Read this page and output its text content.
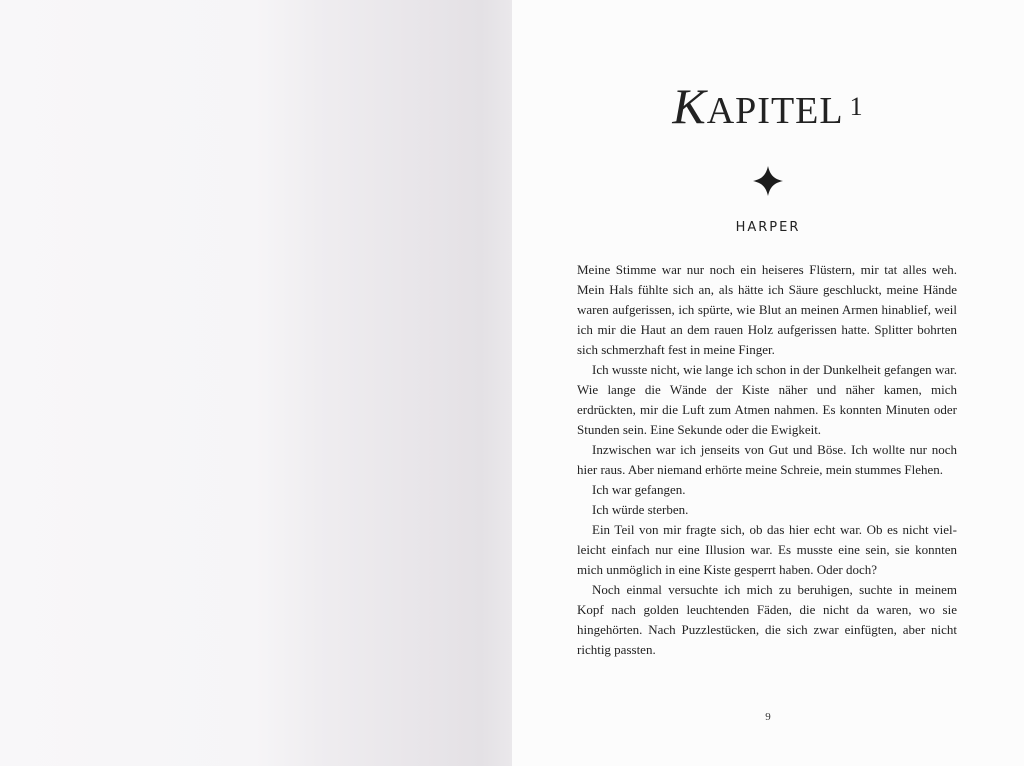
KAPITEL $^1$
HARPER

Meine Stimme war nur noch ein heiseres Flüstern, mir tat alles weh. Mein Hals fühlte sich an, als hätte ich Säure geschluckt, meine Hände waren aufgerissen, ich spürte, wie Blut an meinen Armen hinablief, weil ich mir die Haut an dem rauen Holz aufgerissen hatte. Splitter bohrten sich schmerzhaft fest in meine Finger.

Ich wusste nicht, wie lange ich schon in der Dunkelheit gefangen war. Wie lange die Wände der Kiste näher und näher kamen, mich erdrückten, mir die Luft zum Atmen nahmen. Es konnten Minuten oder Stunden sein. Eine Sekunde oder die Ewigkeit.

Inzwischen war ich jenseits von Gut und Böse. Ich wollte nur noch hier raus. Aber niemand erhörte meine Schreie, mein stummes Flehen.

Ich war gefangen.

Ich würde sterben.

Ein Teil von mir fragte sich, ob das hier echt war. Ob es nicht vielleicht einfach nur eine Illusion war. Es musste eine sein, sie konnten mich unmöglich in eine Kiste gesperrt haben. Oder doch?

Noch einmal versuchte ich mich zu beruhigen, suchte in meinem Kopf nach golden leuchtenden Fäden, die nicht da waren, wo sie hingehörten. Nach Puzzlestücken, die sich zwar einfügten, aber nicht richtig passten.

9
